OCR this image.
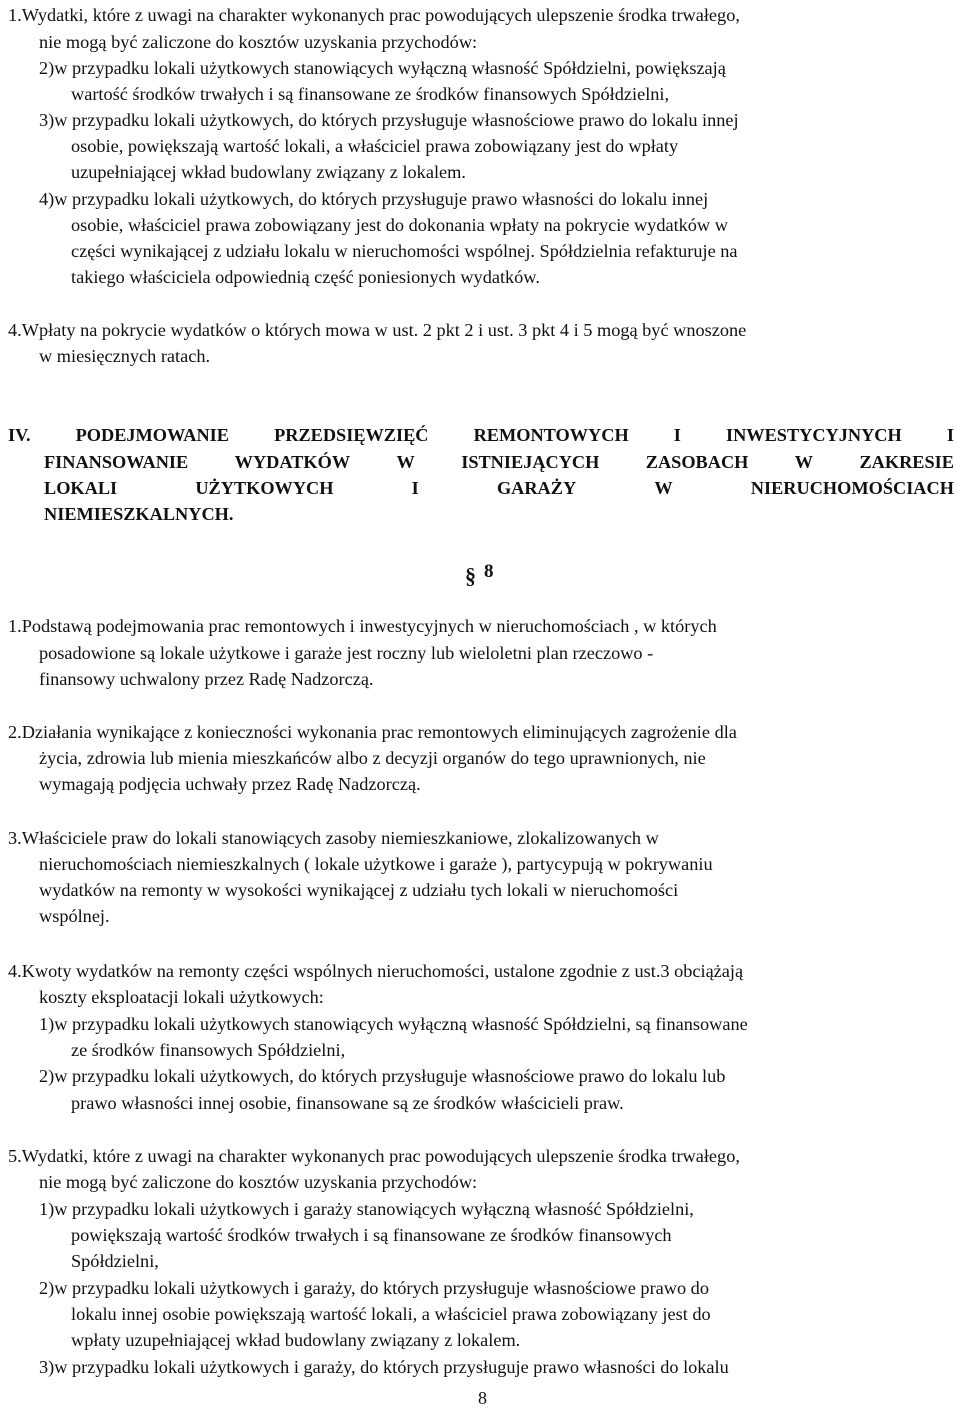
1.Wydatki, które z uwagi na charakter wykonanych prac powodujących ulepszenie środka trwałego,
nie mogą być zaliczone do kosztów uzyskania przychodów:
2)w przypadku lokali użytkowych stanowiących wyłączną własność Spółdzielni, powiększają
wartość środków trwałych i są finansowane ze środków finansowych Spółdzielni,
3)w przypadku lokali użytkowych, do których przysługuje własnościowe prawo do lokalu innej
osobie, powiększają wartość lokali, a właściciel prawa zobowiązany jest do wpłaty
uzupełniającej wkład budowlany związany z lokalem.
4)w przypadku lokali użytkowych, do których przysługuje prawo własności do lokalu innej
osobie, właściciel prawa zobowiązany jest do dokonania wpłaty na pokrycie wydatków w
części wynikającej z udziału lokalu w nieruchomości wspólnej. Spółdzielnia refakturuje na
takiego właściciela odpowiednią część poniesionych wydatków.
4.Wpłaty na pokrycie wydatków o których mowa w ust. 2 pkt 2 i ust. 3 pkt 4 i 5 mogą być wnoszone
w miesięcznych ratach.
IV. PODEJMOWANIE PRZEDSIĘWZIĘĆ REMONTOWYCH I INWESTYCYJNYCH I
FINANSOWANIE	WYDATKÓW	W	ISTNIEJĄCYCH	ZASOBACH	W	ZAKRESIE
LOKALI	UŻYTKOWYCH	I	GARAŻY	W	NIERUCHOMOŚCIACH
NIEMIESZKALNYCH.
§ 8
1.Podstawą podejmowania prac remontowych i inwestycyjnych w nieruchomościach , w których
posadowione są lokale użytkowe i garaże jest roczny lub wieloletni plan rzeczowo -
finansowy uchwalony przez Radę Nadzorczą.
2.Działania wynikające z konieczności wykonania prac remontowych eliminujących zagrożenie dla
życia, zdrowia lub mienia mieszkańców albo z decyzji organów do tego uprawnionych, nie
wymagają podjęcia uchwały przez Radę Nadzorczą.
3.Właściciele praw do lokali stanowiących zasoby niemieszkaniowe, zlokalizowanych w
nieruchomościach niemieszkalnych ( lokale użytkowe i garaże ), partycypują w pokrywaniu
wydatków na remonty w wysokości wynikającej z udziału tych lokali w nieruchomości
wspólnej.
4.Kwoty wydatków na remonty części wspólnych nieruchomości, ustalone zgodnie z ust.3 obciążają
koszty eksploatacji lokali użytkowych:
1)w przypadku lokali użytkowych stanowiących wyłączną własność Spółdzielni, są finansowane
ze środków finansowych Spółdzielni,
2)w przypadku lokali użytkowych, do których przysługuje własnościowe prawo do lokalu lub
prawo własności innej osobie, finansowane są ze środków właścicieli praw.
5.Wydatki, które z uwagi na charakter wykonanych prac powodujących ulepszenie środka trwałego,
nie mogą być zaliczone do kosztów uzyskania przychodów:
1)w przypadku lokali użytkowych i garaży stanowiących wyłączną własność Spółdzielni,
powiększają wartość środków trwałych i są finansowane ze środków finansowych
Spółdzielni,
2)w przypadku lokali użytkowych i garaży, do których przysługuje własnościowe prawo do
lokalu innej osobie powiększają wartość lokali, a właściciel prawa zobowiązany jest do
wpłaty uzupełniającej wkład budowlany związany z lokalem.
3)w przypadku lokali użytkowych i garaży, do których przysługuje prawo własności do lokalu
8
